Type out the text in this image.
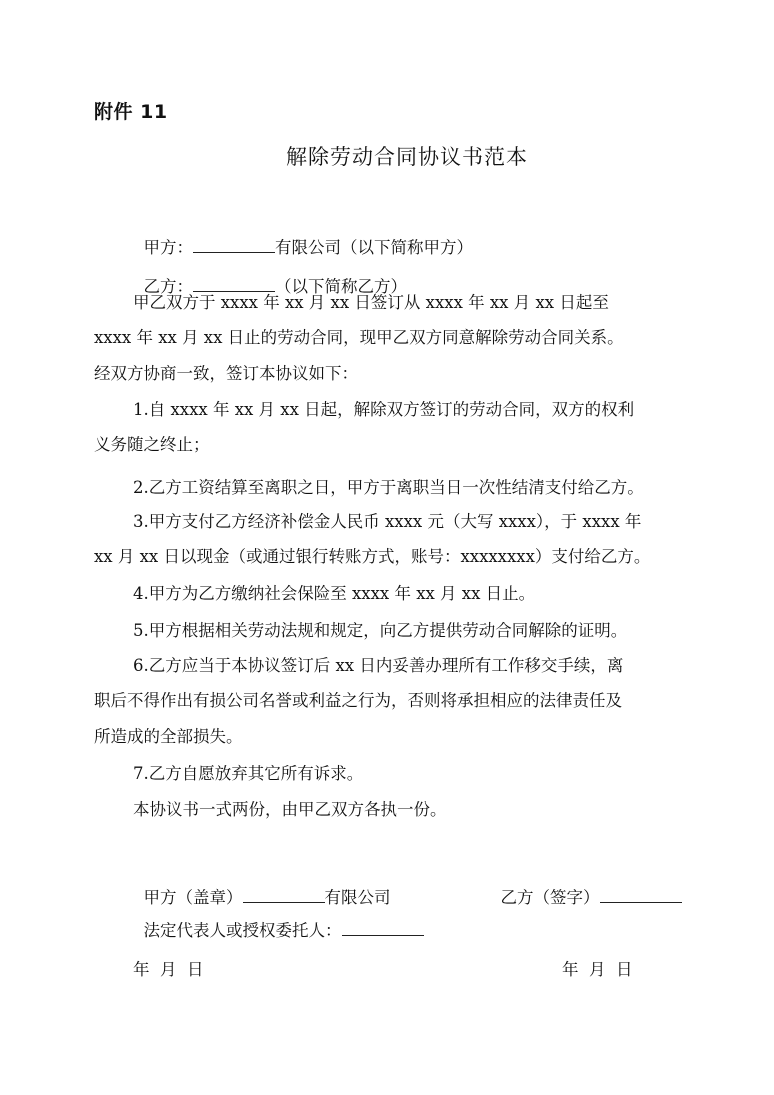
附件 11
解除劳动合同协议书范本

甲方：	有限公司（以下简称甲方）

乙方：	（以下简称乙方）

甲乙双方于 xxxx 年 xx 月 xx 日签订从 xxxx 年 xx 月 xx 日起至
xxxx 年 xx 月 xx 日止的劳动合同，现甲乙双方同意解除劳动合同关系。
经双方协商一致，签订本协议如下：
1.自 xxxx 年 xx 月 xx 日起，解除双方签订的劳动合同，双方的权利
义务随之终止；
2.乙方工资结算至离职之日，甲方于离职当日一次性结清支付给乙方。
3.甲方支付乙方经济补偿金人民币 xxxx 元（大写 xxxx），于 xxxx 年
xx 月 xx 日以现金（或通过银行转账方式，账号：xxxxxxxx）支付给乙方。
4.甲方为乙方缴纳社会保险至 xxxx 年 xx 月 xx 日止。
5.甲方根据相关劳动法规和规定，向乙方提供劳动合同解除的证明。
6.乙方应当于本协议签订后 xx 日内妥善办理所有工作移交手续，离
职后不得作出有损公司名誉或利益之行为，否则将承担相应的法律责任及
所造成的全部损失。
7.乙方自愿放弃其它所有诉求。
本协议书一式两份，由甲乙双方各执一份。

甲方（盖章）	有限公司	乙方（签字）

法定代表人或授权委托人：

年  月  日	年  月  日
